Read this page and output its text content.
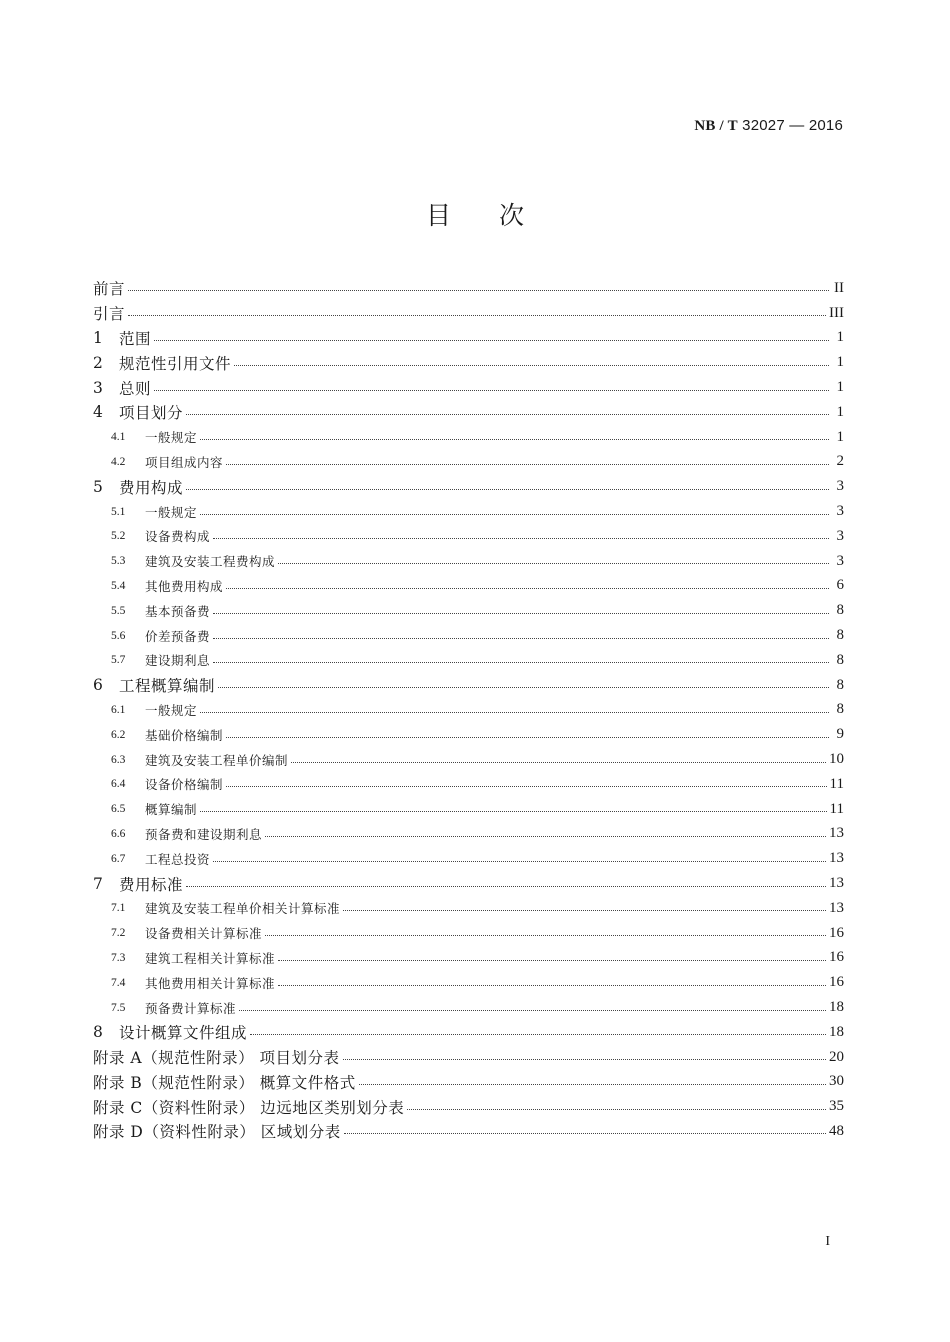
NB / T 32027 — 2016
目 次
前言	II
引言	III
1	范围	1
2	规范性引用文件	1
3	总则	1
4	项目划分	1
4.1	一般规定	1
4.2	项目组成内容	2
5	费用构成	3
5.1	一般规定	3
5.2	设备费构成	3
5.3	建筑及安装工程费构成	3
5.4	其他费用构成	6
5.5	基本预备费	8
5.6	价差预备费	8
5.7	建设期利息	8
6	工程概算编制	8
6.1	一般规定	8
6.2	基础价格编制	9
6.3	建筑及安装工程单价编制	10
6.4	设备价格编制	11
6.5	概算编制	11
6.6	预备费和建设期利息	13
6.7	工程总投资	13
7	费用标准	13
7.1	建筑及安装工程单价相关计算标准	13
7.2	设备费相关计算标准	16
7.3	建筑工程相关计算标准	16
7.4	其他费用相关计算标准	16
7.5	预备费计算标准	18
8	设计概算文件组成	18
附录 A（规范性附录） 项目划分表	20
附录 B（规范性附录） 概算文件格式	30
附录 C（资料性附录） 边远地区类别划分表	35
附录 D（资料性附录） 区域划分表	48
I
